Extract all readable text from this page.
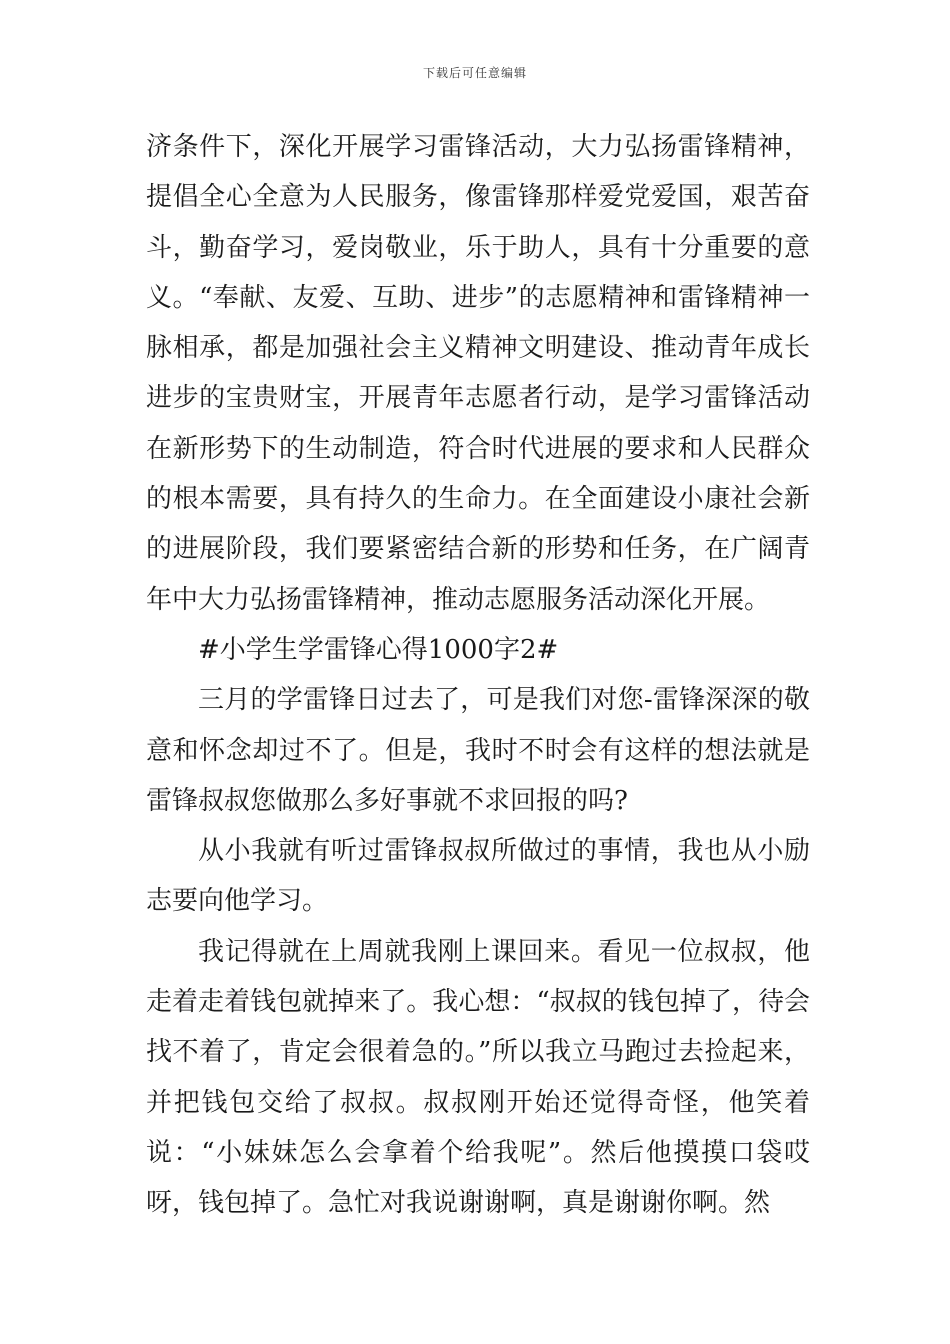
下载后可任意编辑

济条件下，深化开展学习雷锋活动，大力弘扬雷锋精神，提倡全心全意为人民服务，像雷锋那样爱党爱国，艰苦奋斗，勤奋学习，爱岗敬业，乐于助人，具有十分重要的意义。“奉献、友爱、互助、进步”的志愿精神和雷锋精神一脉相承，都是加强社会主义精神文明建设、推动青年成长进步的宝贵财宝，开展青年志愿者行动，是学习雷锋活动在新形势下的生动制造，符合时代进展的要求和人民群众的根本需要，具有持久的生命力。在全面建设小康社会新的进展阶段，我们要紧密结合新的形势和任务，在广阔青年中大力弘扬雷锋精神，推动志愿服务活动深化开展。

#小学生学雷锋心得1000字2#

三月的学雷锋日过去了，可是我们对您-雷锋深深的敬意和怀念却过不了。但是，我时不时会有这样的想法就是雷锋叔叔您做那么多好事就不求回报的吗?

从小我就有听过雷锋叔叔所做过的事情，我也从小励志要向他学习。

我记得就在上周就我刚上课回来。看见一位叔叔，他走着走着钱包就掉来了。我心想：“叔叔的钱包掉了，待会找不着了，肯定会很着急的。”所以我立马跑过去捡起来，并把钱包交给了叔叔。叔叔刚开始还觉得奇怪，他笑着说：“小妹妹怎么会拿着个给我呢”。然后他摸摸口袋哎呀，钱包掉了。急忙对我说谢谢啊，真是谢谢你啊。然
